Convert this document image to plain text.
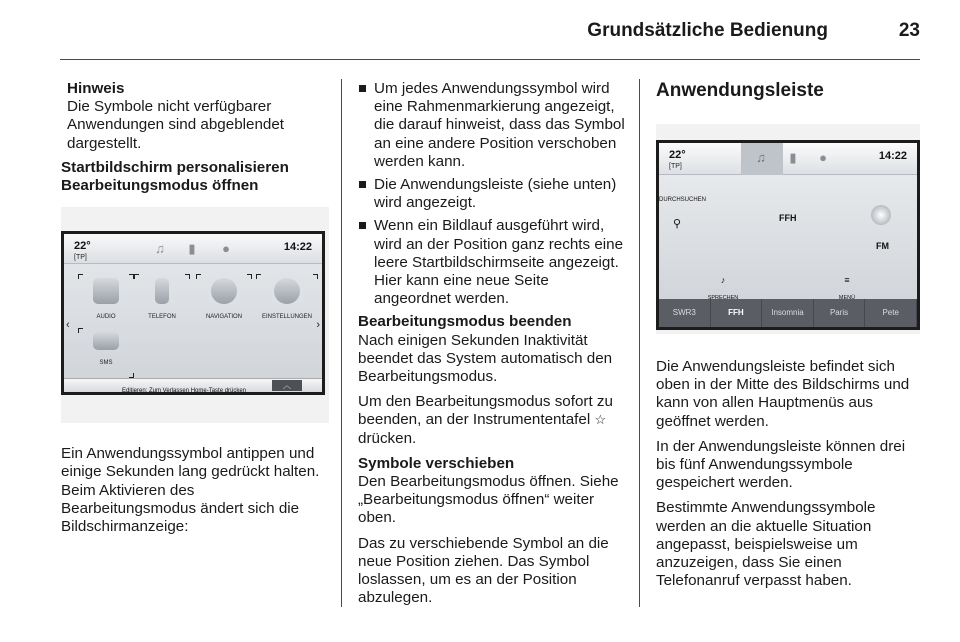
Grundsätzliche Bedienung	23
Hinweis
Die Symbole nicht verfügbarer Anwendungen sind abgeblendet dargestellt.

Startbildschirm personalisieren

Bearbeitungsmodus öffnen

22°
[TP]
♫	▮	●	14:22
AUDIO	TELEFON	NAVIGATION	EINSTELLUNGEN
SMS
‹	›
Editieren: Zum Verlassen Home-Taste drücken
︿

Ein Anwendungssymbol antippen und einige Sekunden lang gedrückt halten. Beim Aktivieren des Bearbeitungsmodus ändert sich die Bildschirmanzeige:

Um jedes Anwendungssymbol wird eine Rahmenmarkierung angezeigt, die darauf hinweist, dass das Symbol an eine andere Position verschoben werden kann.
Die Anwendungsleiste (siehe unten) wird angezeigt.
Wenn ein Bildlauf ausgeführt wird, wird an der Position ganz rechts eine leere Startbildschirmseite angezeigt. Hier kann eine neue Seite angeordnet werden.

Bearbeitungsmodus beenden

Nach einigen Sekunden Inaktivität beendet das System automatisch den Bearbeitungsmodus.

Um den Bearbeitungsmodus sofort zu beenden, an der Instrumententafel ☆ drücken.

Symbole verschieben

Den Bearbeitungsmodus öffnen. Siehe „Bearbeitungsmodus öffnen“ weiter oben.

Das zu verschiebende Symbol an die neue Position ziehen. Das Symbol loslassen, um es an der Position abzulegen.

Anwendungsleiste

22°
[TP]
♫	▮	●	14:22
DURCHSUCHEN
⚲
FFH
FM
♪	≡
SWR3	FFH	Insomnia	Paris	Pete

Die Anwendungsleiste befindet sich oben in der Mitte des Bildschirms und kann von allen Hauptmenüs aus geöffnet werden.

In der Anwendungsleiste können drei bis fünf Anwendungssymbole gespeichert werden.

Bestimmte Anwendungssymbole werden an die aktuelle Situation angepasst, beispielsweise um anzuzeigen, dass Sie einen Telefonanruf verpasst haben.
